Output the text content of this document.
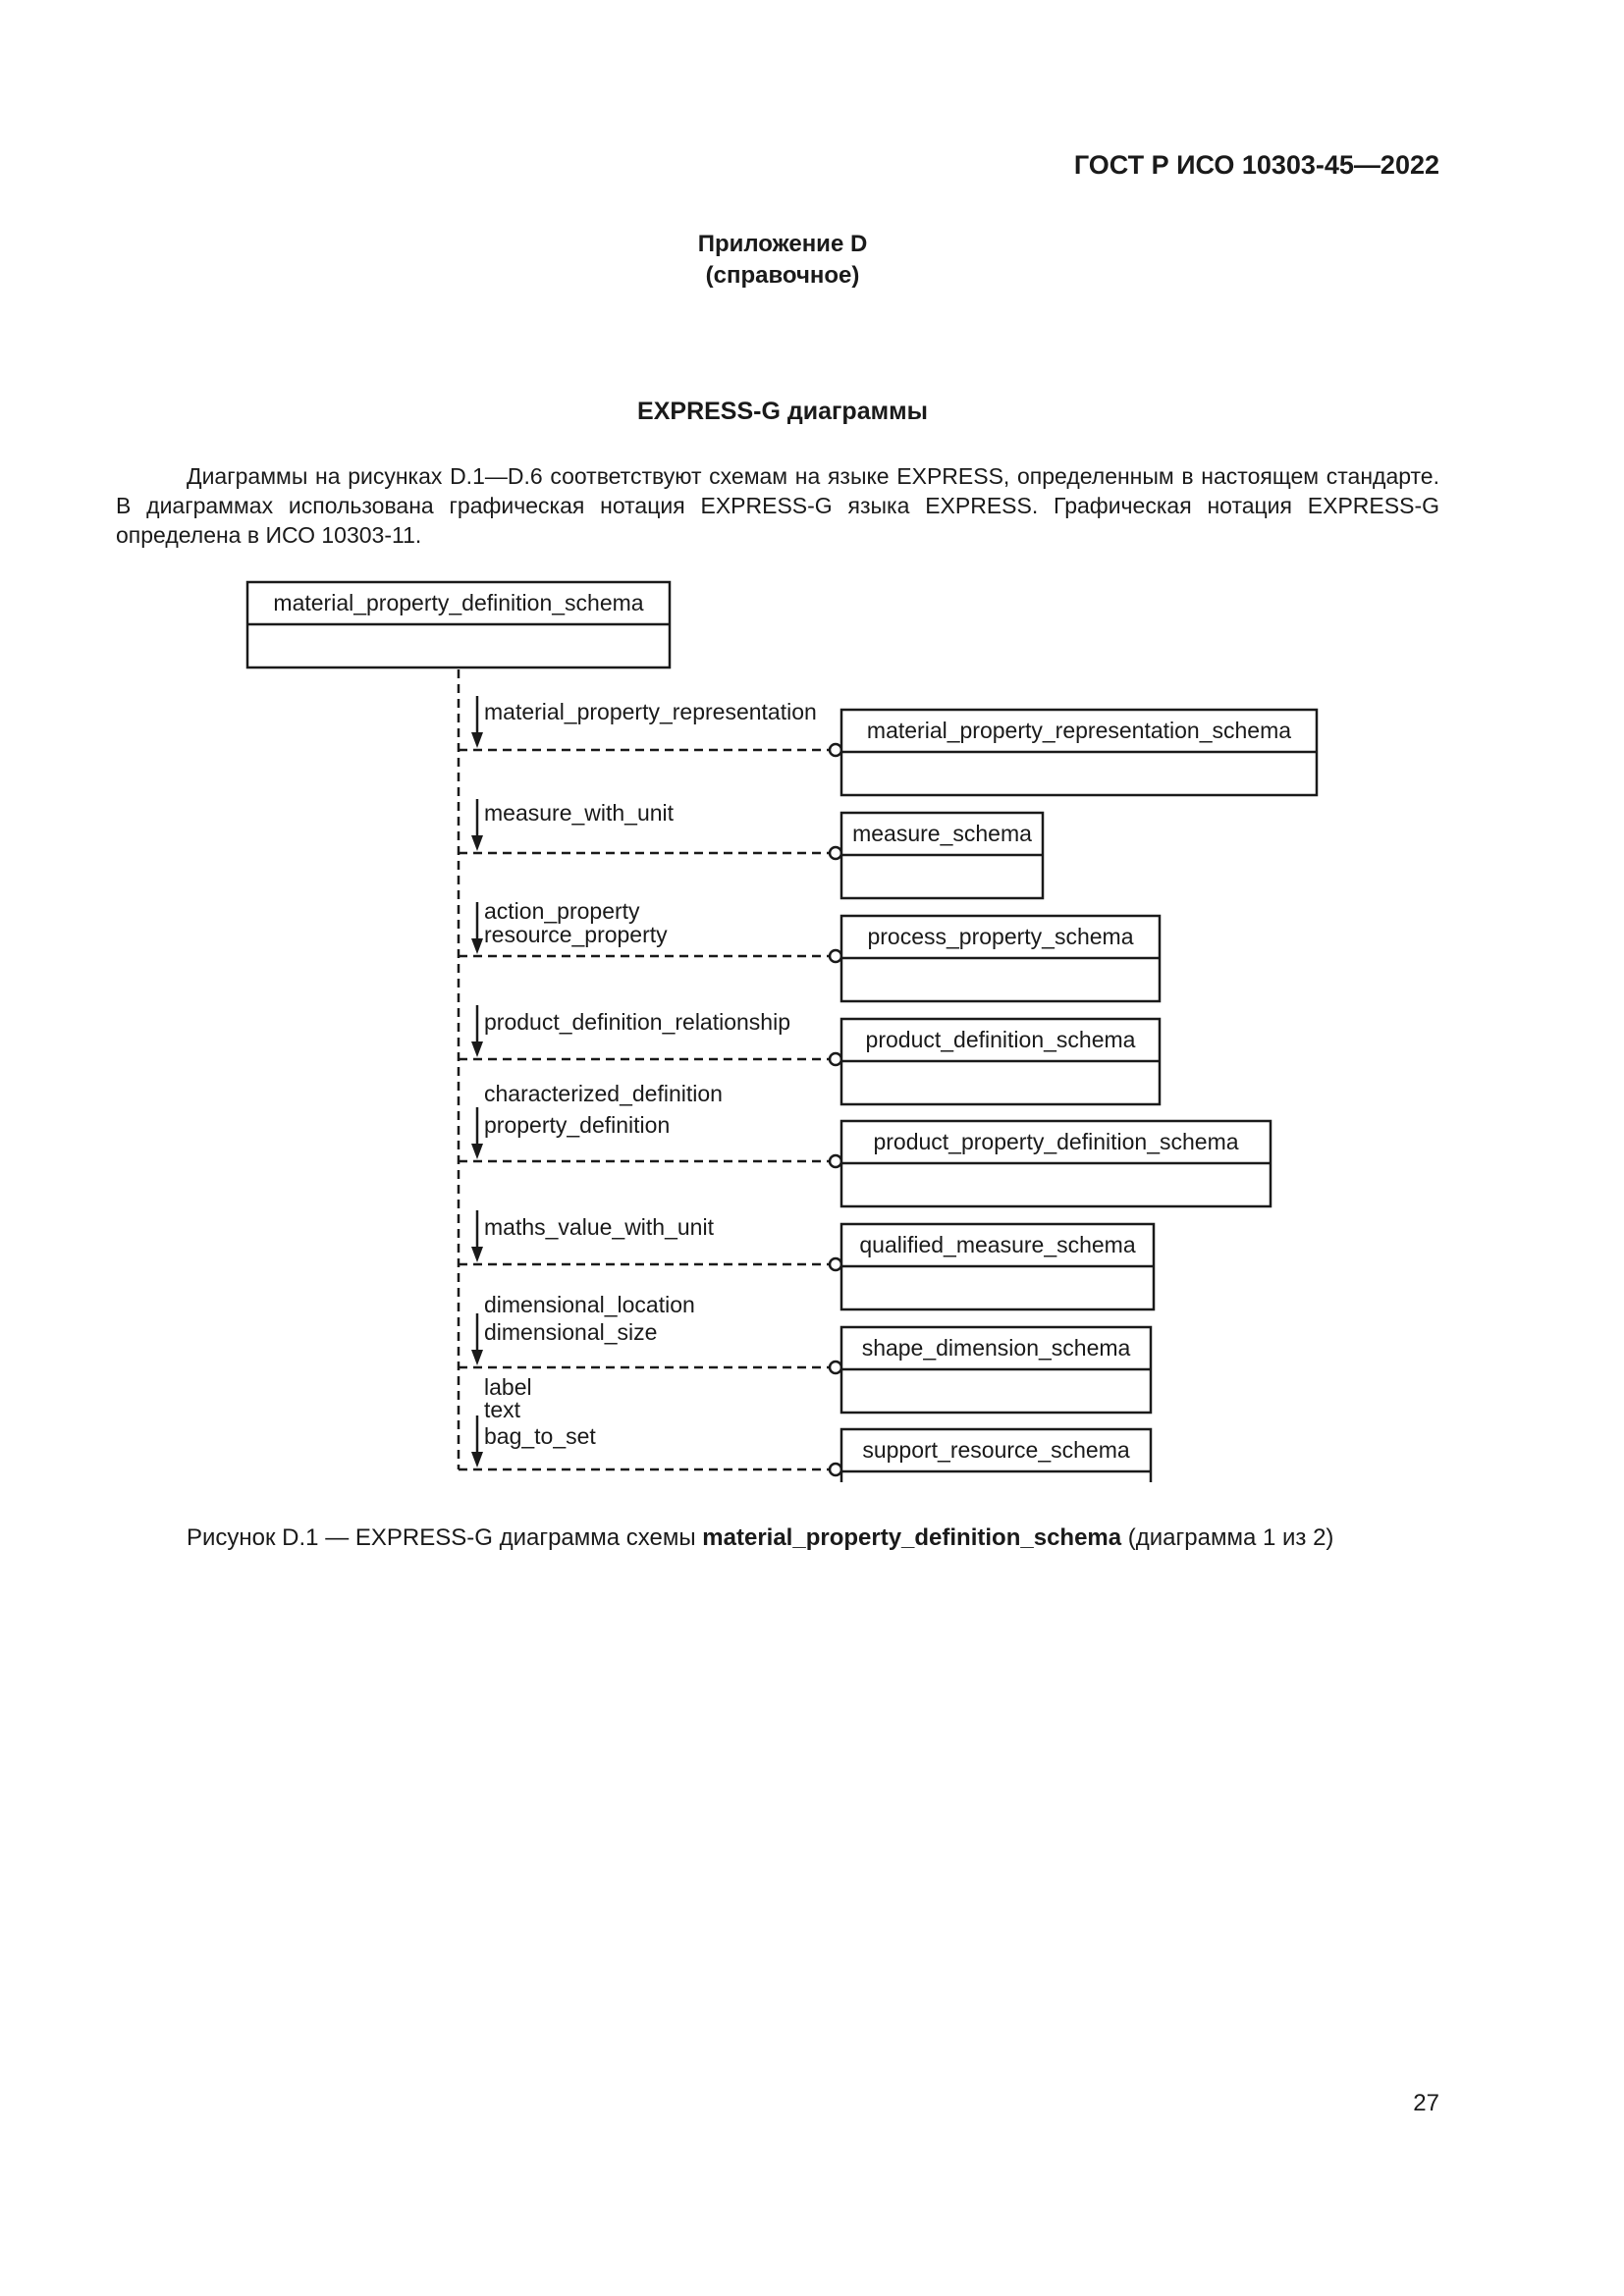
ГОСТ Р ИСО 10303-45—2022
Приложение D
(справочное)
EXPRESS-G диаграммы

Диаграммы на рисунках D.1—D.6 соответствуют схемам на языке EXPRESS, определенным в настоящем стандарте. В диаграммах использована графическая нотация EXPRESS-G языка EXPRESS. Графическая нотация EXPRESS-G определена в ИСО 10303-11.

material_property_definition_schema
material_property_representation
material_property_representation_schema
measure_with_unit
measure_schema
action_property
resource_property	process_property_schema
product_definition_relationship
product_definition_schema
characterized_definition
property_definition
product_property_definition_schema
maths_value_with_unit
qualified_measure_schema
dimensional_location
dimensional_size
shape_dimension_schema
label
text
bag_to_set
support_resource_schema
Рисунок D.1 — EXPRESS-G диаграмма схемы material_property_definition_schema (диаграмма 1 из 2)
27
